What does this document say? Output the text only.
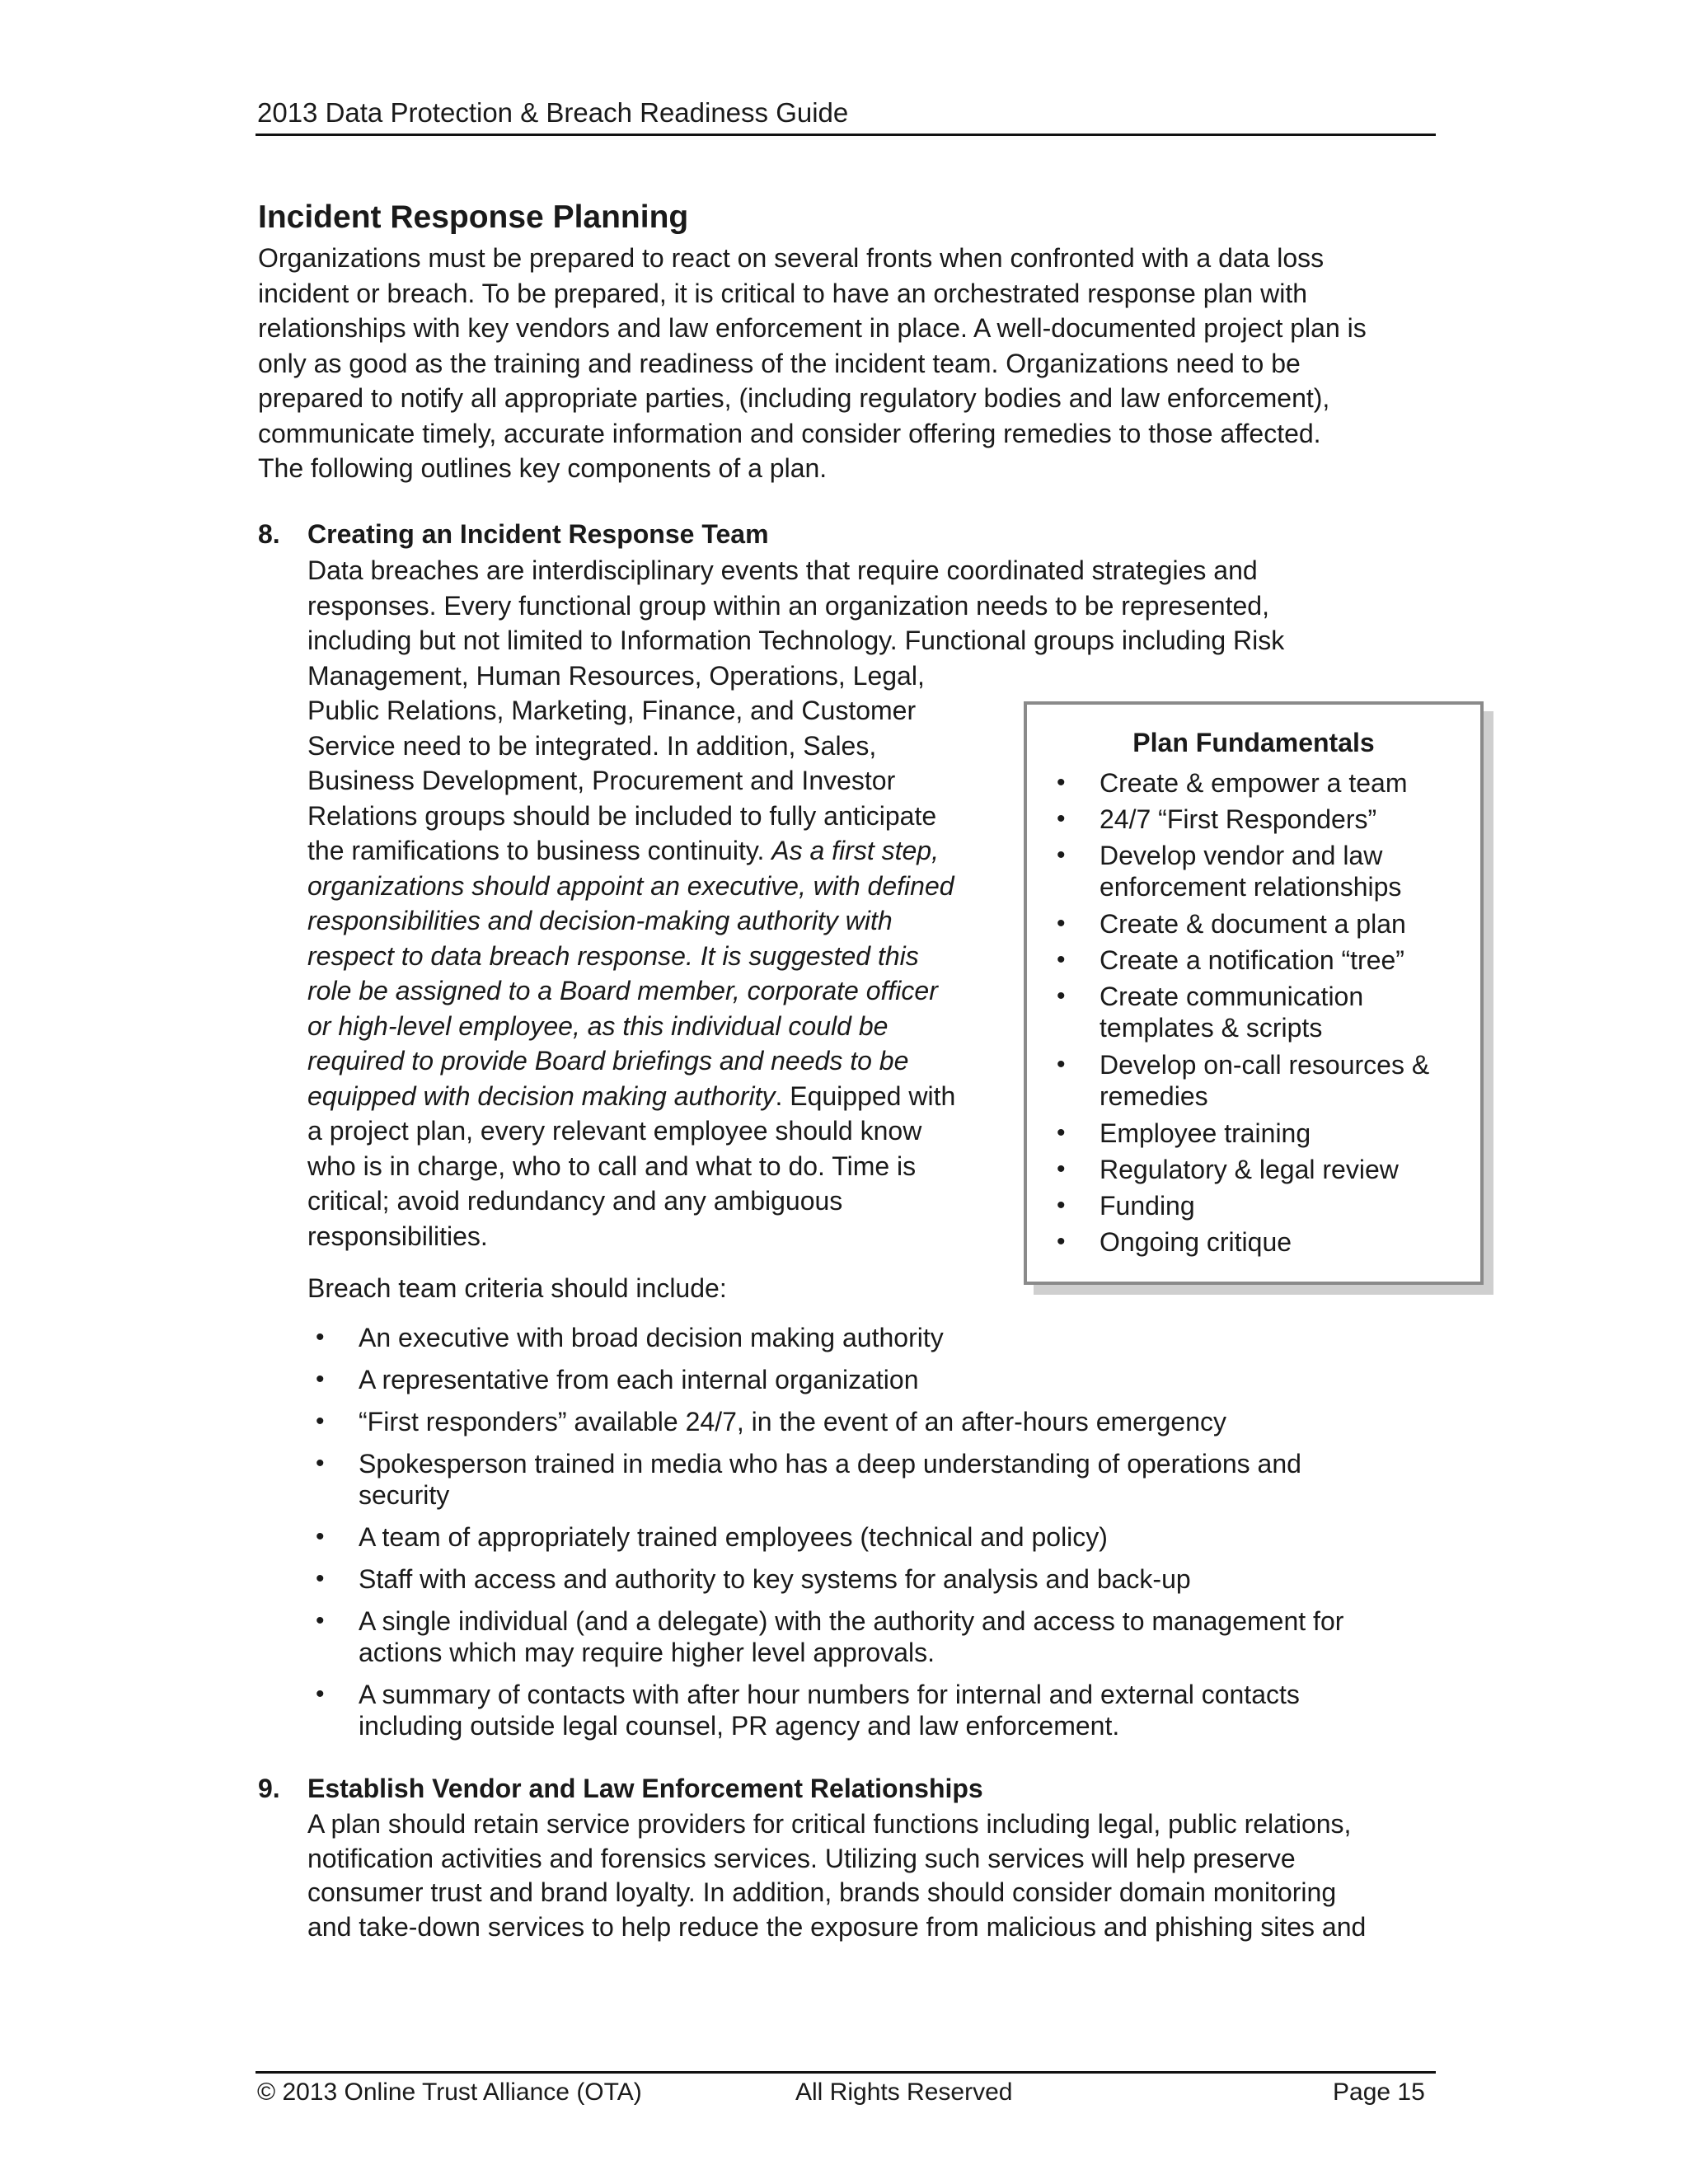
2013 Data Protection & Breach Readiness Guide
Incident Response Planning
Organizations must be prepared to react on several fronts when confronted with a data loss
incident or breach. To be prepared, it is critical to have an orchestrated response plan with
relationships with key vendors and law enforcement in place. A well-documented project plan is
only as good as the training and readiness of the incident team. Organizations need to be
prepared to notify all appropriate parties, (including regulatory bodies and law enforcement),
communicate timely, accurate information and consider offering remedies to those affected.
The following outlines key components of a plan.
8. Creating an Incident Response Team
Data breaches are interdisciplinary events that require coordinated strategies and
responses. Every functional group within an organization needs to be represented,
including but not limited to Information Technology. Functional groups including Risk
Management, Human Resources, Operations, Legal,
Public Relations, Marketing, Finance, and Customer
Service need to be integrated. In addition, Sales,
Business Development, Procurement and Investor
Relations groups should be included to fully anticipate
the ramifications to business continuity. As a first step,
organizations should appoint an executive, with defined
responsibilities and decision-making authority with
respect to data breach response. It is suggested this
role be assigned to a Board member, corporate officer
or high-level employee, as this individual could be
required to provide Board briefings and needs to be
equipped with decision making authority. Equipped with
a project plan, every relevant employee should know
who is in charge, who to call and what to do. Time is
critical; avoid redundancy and any ambiguous
responsibilities.
Breach team criteria should include:
• An executive with broad decision making authority
• A representative from each internal organization
• “First responders” available 24/7, in the event of an after-hours emergency
• Spokesperson trained in media who has a deep understanding of operations and
security
• A team of appropriately trained employees (technical and policy)
• Staff with access and authority to key systems for analysis and back-up
• A single individual (and a delegate) with the authority and access to management for
actions which may require higher level approvals.
• A summary of contacts with after hour numbers for internal and external contacts
including outside legal counsel, PR agency and law enforcement.
Plan Fundamentals
• Create & empower a team
• 24/7 “First Responders”
• Develop vendor and law
enforcement relationships
• Create & document a plan
• Create a notification “tree”
• Create communication
templates & scripts
• Develop on-call resources &
remedies
• Employee training
• Regulatory & legal review
• Funding
• Ongoing critique
9. Establish Vendor and Law Enforcement Relationships
A plan should retain service providers for critical functions including legal, public relations,
notification activities and forensics services. Utilizing such services will help preserve
consumer trust and brand loyalty. In addition, brands should consider domain monitoring
and take-down services to help reduce the exposure from malicious and phishing sites and
© 2013 Online Trust Alliance (OTA)	All Rights Reserved	Page 15
